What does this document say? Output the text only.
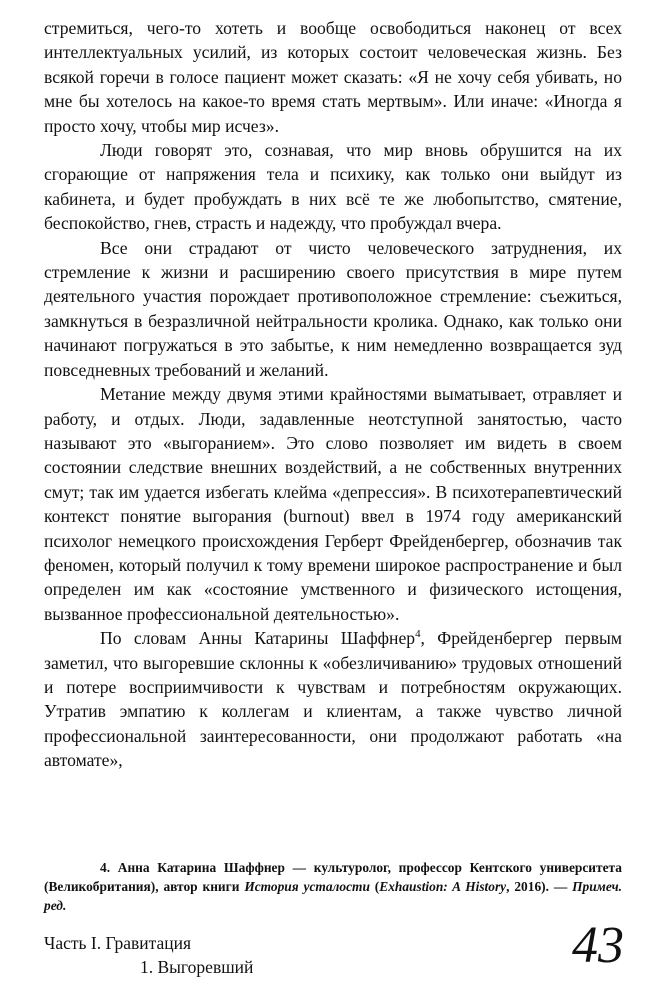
стремиться, чего-то хотеть и вообще освободиться наконец от всех интеллектуальных усилий, из которых состоит человеческая жизнь. Без всякой горечи в голосе пациент может сказать: «Я не хочу себя убивать, но мне бы хотелось на какое-то время стать мертвым». Или иначе: «Иногда я просто хочу, чтобы мир исчез».

Люди говорят это, сознавая, что мир вновь обрушится на их сгорающие от напряжения тела и психику, как только они выйдут из кабинета, и будет пробуждать в них всё те же любопытство, смятение, беспокойство, гнев, страсть и надежду, что пробуждал вчера.

Все они страдают от чисто человеческого затруднения, их стремление к жизни и расширению своего присутствия в мире путем деятельного участия порождает противоположное стремление: съежиться, замкнуться в безразличной нейтральности кролика. Однако, как только они начинают погружаться в это забытье, к ним немедленно возвращается зуд повседневных требований и желаний.

Метание между двумя этими крайностями выматывает, отравляет и работу, и отдых. Люди, задавленные неотступной занятостью, часто называют это «выгоранием». Это слово позволяет им видеть в своем состоянии следствие внешних воздействий, а не собственных внутренних смут; так им удается избегать клейма «депрессия». В психотерапевтический контекст понятие выгорания (burnout) ввел в 1974 году американский психолог немецкого происхождения Герберт Фрейденбергер, обозначив так феномен, который получил к тому времени широкое распространение и был определен им как «состояние умственного и физического истощения, вызванное профессиональной деятельностью».

По словам Анны Катарины Шаффнер$^4$, Фрейденбергер первым заметил, что выгоревшие склонны к «обезличиванию» трудовых отношений и потере восприимчивости к чувствам и потребностям окружающих. Утратив эмпатию к коллегам и клиентам, а также чувство личной профессиональной заинтересованности, они продолжают работать «на автомате»,

4. Анна Катарина Шаффнер — культуролог, профессор Кентского университета (Великобритания), автор книги История усталости (Exhaustion: A History, 2016). — Примеч. ред.
Часть I. Гравитация
1. Выгоревший	43
